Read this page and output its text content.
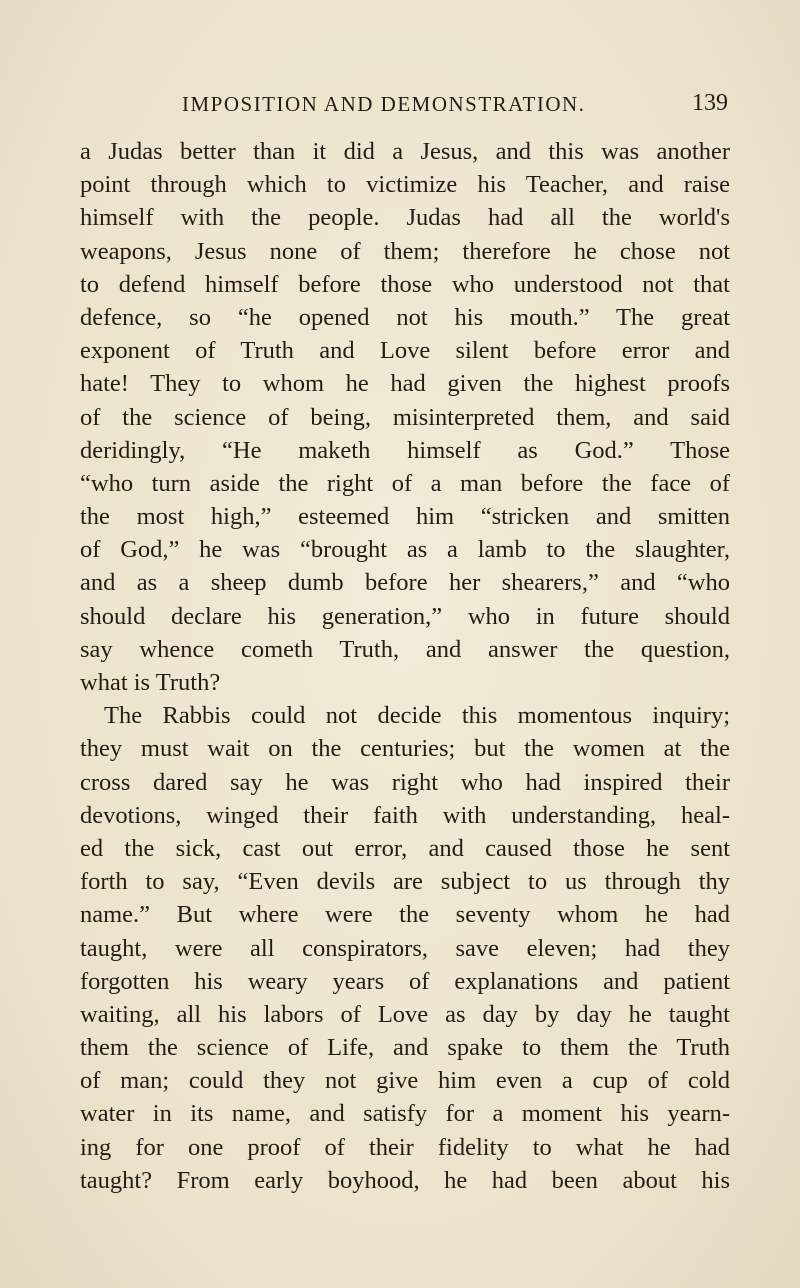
IMPOSITION AND DEMONSTRATION.	139
a Judas better than it did a Jesus, and this was another
point through which to victimize his Teacher, and raise
himself with the people. Judas had all the world's
weapons, Jesus none of them; therefore he chose not
to defend himself before those who understood not that
defence, so “he opened not his mouth.” The great
exponent of Truth and Love silent before error and
hate! They to whom he had given the highest proofs
of the science of being, misinterpreted them, and said
deridingly, “He maketh himself as God.” Those
“who turn aside the right of a man before the face of
the most high,” esteemed him “stricken and smitten
of God,” he was “brought as a lamb to the slaughter,
and as a sheep dumb before her shearers,” and “who
should declare his generation,” who in future should
say whence cometh Truth, and answer the question,
what is Truth?
The Rabbis could not decide this momentous inquiry;
they must wait on the centuries; but the women at the
cross dared say he was right who had inspired their
devotions, winged their faith with understanding, heal-
ed the sick, cast out error, and caused those he sent
forth to say, “Even devils are subject to us through thy
name.” But where were the seventy whom he had
taught, were all conspirators, save eleven; had they
forgotten his weary years of explanations and patient
waiting, all his labors of Love as day by day he taught
them the science of Life, and spake to them the Truth
of man; could they not give him even a cup of cold
water in its name, and satisfy for a moment his yearn-
ing for one proof of their fidelity to what he had
taught? From early boyhood, he had been about his
